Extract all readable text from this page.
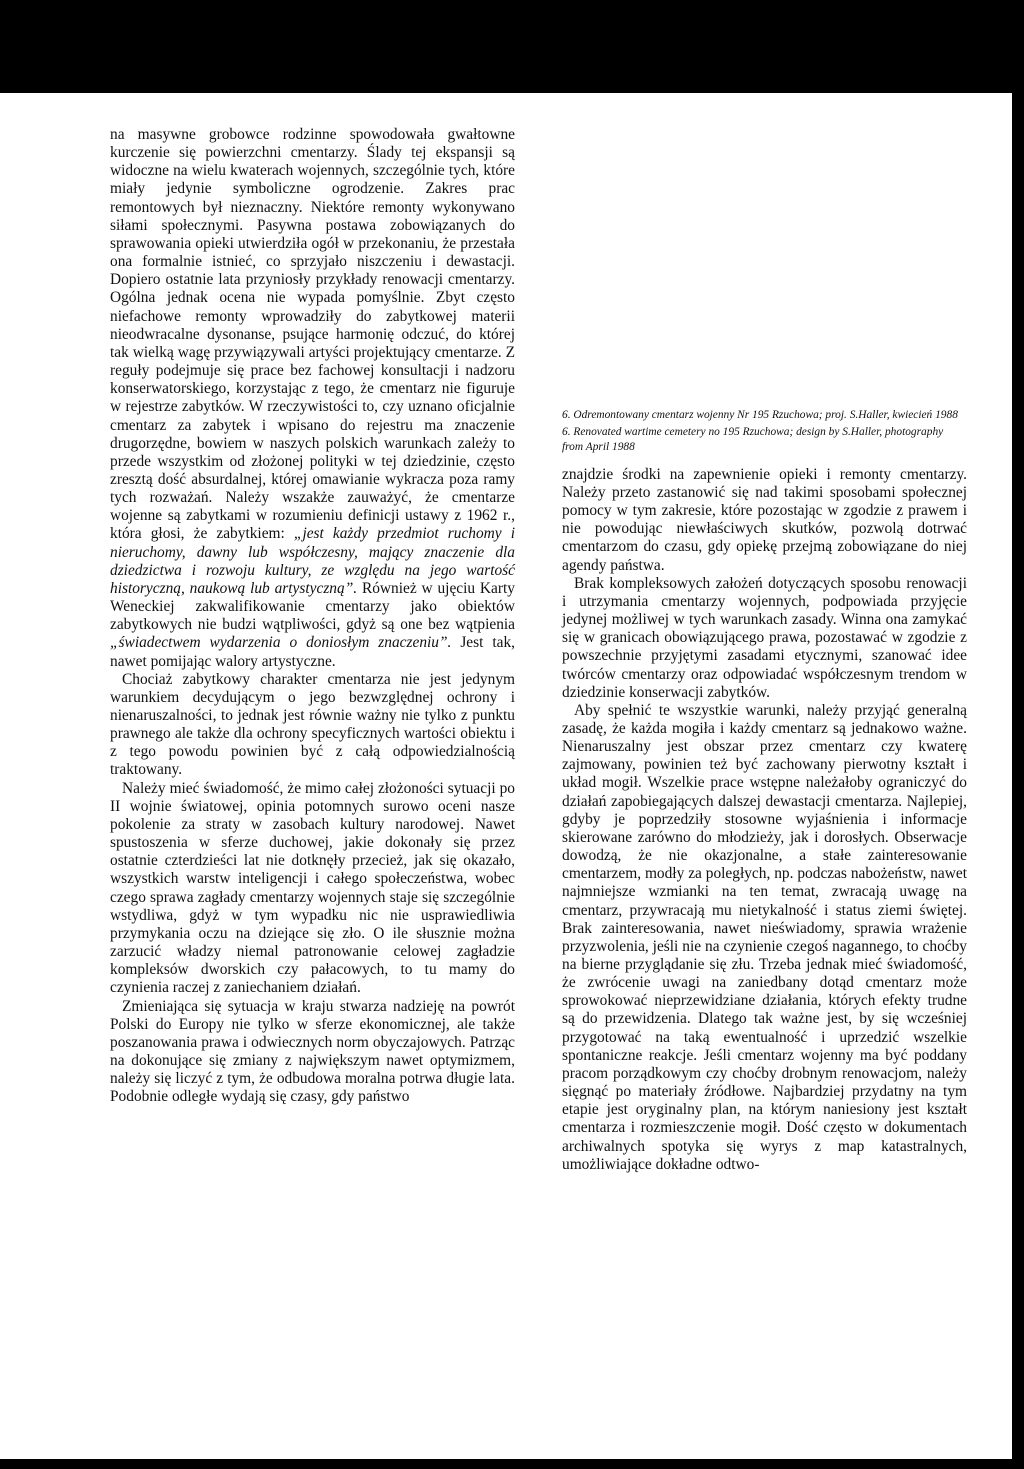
na masywne grobowce rodzinne spowodowała gwałtowne kurczenie się powierzchni cmentarzy. Ślady tej ekspansji są widoczne na wielu kwaterach wojennych, szczególnie tych, które miały jedynie symboliczne ogrodzenie. Zakres prac remontowych był nieznaczny. Niektóre remonty wykonywano siłami społecznymi. Pasywna postawa zobowiązanych do sprawowania opieki utwierdziła ogół w przekonaniu, że przestała ona formalnie istnieć, co sprzyjało niszczeniu i dewastacji. Dopiero ostatnie lata przyniosły przykłady renowacji cmentarzy. Ogólna jednak ocena nie wypada pomyślnie. Zbyt często niefachowe remonty wprowadziły do zabytkowej materii nieodwracalne dysonanse, psujące harmonię odczuć, do której tak wielką wagę przywiązywali artyści projektujący cmentarze. Z reguły podejmuje się prace bez fachowej konsultacji i nadzoru konserwatorskiego, korzystając z tego, że cmentarz nie figuruje w rejestrze zabytków. W rzeczywistości to, czy uznano oficjalnie cmentarz za zabytek i wpisano do rejestru ma znaczenie drugorzędne, bowiem w naszych polskich warunkach zależy to przede wszystkim od złożonej polityki w tej dziedzinie, często zresztą dość absurdalnej, której omawianie wykracza poza ramy tych rozważań. Należy wszakże zauważyć, że cmentarze wojenne są zabytkami w rozumieniu definicji ustawy z 1962 r., która głosi, że zabytkiem: „jest każdy przedmiot ruchomy i nieruchomy, dawny lub współczesny, mający znaczenie dla dziedzictwa i rozwoju kultury, ze względu na jego wartość historyczną, naukową lub artystyczną”. Również w ujęciu Karty Weneckiej zakwalifikowanie cmentarzy jako obiektów zabytkowych nie budzi wątpliwości, gdyż są one bez wątpienia „świadectwem wydarzenia o doniosłym znaczeniu”. Jest tak, nawet pomijając walory artystyczne.

Chociaż zabytkowy charakter cmentarza nie jest jedynym warunkiem decydującym o jego bezwzględnej ochrony i nienaruszalności, to jednak jest równie ważny nie tylko z punktu prawnego ale także dla ochrony specyficznych wartości obiektu i z tego powodu powinien być z całą odpowiedzialnością traktowany.

Należy mieć świadomość, że mimo całej złożoności sytuacji po II wojnie światowej, opinia potomnych surowo oceni nasze pokolenie za straty w zasobach kultury narodowej. Nawet spustoszenia w sferze duchowej, jakie dokonały się przez ostatnie czterdzieści lat nie dotknęły przecież, jak się okazało, wszystkich warstw inteligencji i całego społeczeństwa, wobec czego sprawa zagłady cmentarzy wojennych staje się szczególnie wstydliwa, gdyż w tym wypadku nic nie usprawiedliwia przymykania oczu na dziejące się zło. O ile słusznie można zarzucić władzy niemal patronowanie celowej zagładzie kompleksów dworskich czy pałacowych, to tu mamy do czynienia raczej z zaniechaniem działań.

Zmieniająca się sytuacja w kraju stwarza nadzieję na powrót Polski do Europy nie tylko w sferze ekonomicznej, ale także poszanowania prawa i odwiecznych norm obyczajowych. Patrząc na dokonujące się zmiany z największym nawet optymizmem, należy się liczyć z tym, że odbudowa moralna potrwa długie lata. Podobnie odległe wydają się czasy, gdy państwo

6. Odremontowany cmentarz wojenny Nr 195 Rzuchowa; proj. S.Haller, kwiecień 1988

6. Renovated wartime cemetery no 195 Rzuchowa; design by S.Haller, photography from April 1988

znajdzie środki na zapewnienie opieki i remonty cmentarzy. Należy przeto zastanowić się nad takimi sposobami społecznej pomocy w tym zakresie, które pozostając w zgodzie z prawem i nie powodując niewłaściwych skutków, pozwolą dotrwać cmentarzom do czasu, gdy opiekę przejmą zobowiązane do niej agendy państwa.

Brak kompleksowych założeń dotyczących sposobu renowacji i utrzymania cmentarzy wojennych, podpowiada przyjęcie jedynej możliwej w tych warunkach zasady. Winna ona zamykać się w granicach obowiązującego prawa, pozostawać w zgodzie z powszechnie przyjętymi zasadami etycznymi, szanować idee twórców cmentarzy oraz odpowiadać współczesnym trendom w dziedzinie konserwacji zabytków.

Aby spełnić te wszystkie warunki, należy przyjąć generalną zasadę, że każda mogiła i każdy cmentarz są jednakowo ważne. Nienaruszalny jest obszar przez cmentarz czy kwaterę zajmowany, powinien też być zachowany pierwotny kształt i układ mogił. Wszelkie prace wstępne należałoby ograniczyć do działań zapobiegających dalszej dewastacji cmentarza. Najlepiej, gdyby je poprzedziły stosowne wyjaśnienia i informacje skierowane zarówno do młodzieży, jak i dorosłych. Obserwacje dowodzą, że nie okazjonalne, a stałe zainteresowanie cmentarzem, modły za poległych, np. podczas nabożeństw, nawet najmniejsze wzmianki na ten temat, zwracają uwagę na cmentarz, przywracają mu nietykalność i status ziemi świętej. Brak zainteresowania, nawet nieświadomy, sprawia wrażenie przyzwolenia, jeśli nie na czynienie czegoś nagannego, to choćby na bierne przyglądanie się złu. Trzeba jednak mieć świadomość, że zwrócenie uwagi na zaniedbany dotąd cmentarz może sprowokować nieprzewidziane działania, których efekty trudne są do przewidzenia. Dlatego tak ważne jest, by się wcześniej przygotować na taką ewentualność i uprzedzić wszelkie spontaniczne reakcje. Jeśli cmentarz wojenny ma być poddany pracom porządkowym czy choćby drobnym renowacjom, należy sięgnąć po materiały źródłowe. Najbardziej przydatny na tym etapie jest oryginalny plan, na którym naniesiony jest kształt cmentarza i rozmieszczenie mogił. Dość często w dokumentach archiwalnych spotyka się wyrys z map katastralnych, umożliwiające dokładne odtwo-
